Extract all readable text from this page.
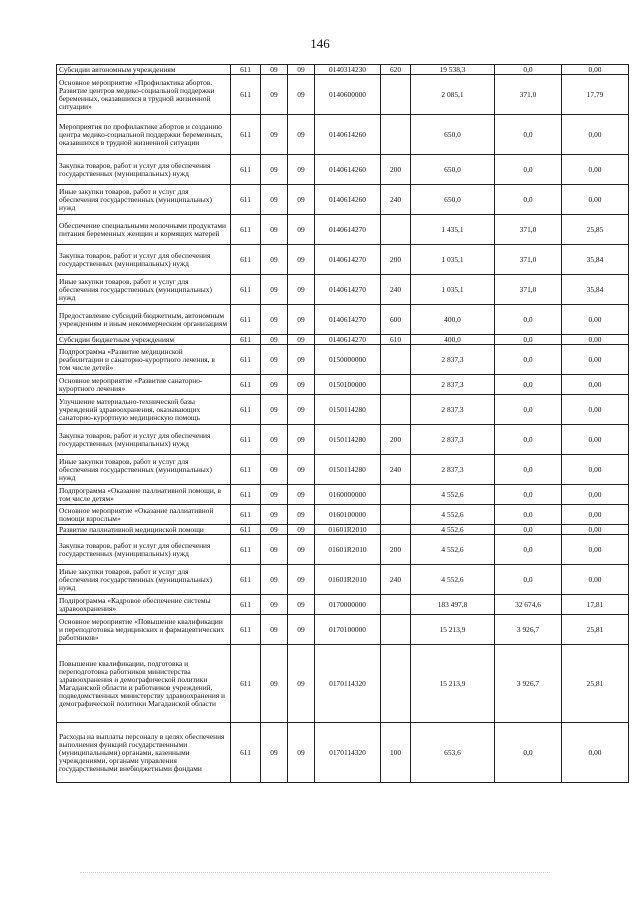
146
Субсидии автономным учреждениям	611	09	09	0140314230	620	19 538,3	0,0	0,00
Основное мероприятие «Профилактика абортов. Развитие центров медико-социальной поддержки беременных, оказавшихся в трудной жизненной ситуации»	611	09	09	0140600000		2 085,1	371,0	17,79
Мероприятия по профилактике абортов и созданию центра медико-социальной поддержки беременных, оказавшихся в трудной жизненной ситуации	611	09	09	0140614260		650,0	0,0	0,00
Закупка товаров, работ и услуг для обеспечения государственных (муниципальных) нужд	611	09	09	0140614260	200	650,0	0,0	0,00
Иные закупки товаров, работ и услуг для обеспечения государственных (муниципальных) нужд	611	09	09	0140614260	240	650,0	0,0	0,00
Обеспечение специальными молочными продуктами питания беременных женщин и кормящих матерей	611	09	09	0140614270		1 435,1	371,0	25,85
Закупка товаров, работ и услуг для обеспечения государственных (муниципальных) нужд	611	09	09	0140614270	200	1 035,1	371,0	35,84
Иные закупки товаров, работ и услуг для обеспечения государственных (муниципальных) нужд	611	09	09	0140614270	240	1 035,1	371,0	35,84
Предоставление субсидий бюджетным, автономным учреждениям и иным некоммерческим организациям	611	09	09	0140614270	600	400,0	0,0	0,00
Субсидии бюджетным учреждениям	611	09	09	0140614270	610	400,0	0,0	0,00
Подпрограмма «Развитие медицинской реабилитации и санаторно-курортного лечения, в том числе детей»	611	09	09	0150000000		2 837,3	0,0	0,00
Основное мероприятие «Развитие санаторно-курортного лечения»	611	09	09	0150100000		2 837,3	0,0	0,00
Улучшение материально-технической базы учреждений здравоохранения, оказывающих санаторно-курортную медицинскую помощь	611	09	09	0150114280		2 837,3	0,0	0,00
Закупка товаров, работ и услуг для обеспечения государственных (муниципальных) нужд	611	09	09	0150114280	200	2 837,3	0,0	0,00
Иные закупки товаров, работ и услуг для обеспечения государственных (муниципальных) нужд	611	09	09	0150114280	240	2 837,3	0,0	0,00
Подпрограмма «Оказание паллиативной помощи, в том числе детям»	611	09	09	0160000000		4 552,6	0,0	0,00
Основное мероприятие «Оказание паллиативной помощи взрослым»	611	09	09	0160100000		4 552,6	0,0	0,00
Развитие паллиативной медицинской помощи	611	09	09	01601R2010		4 552,6	0,0	0,00
Закупка товаров, работ и услуг для обеспечения государственных (муниципальных) нужд	611	09	09	01601R2010	200	4 552,6	0,0	0,00
Иные закупки товаров, работ и услуг для обеспечения государственных (муниципальных) нужд	611	09	09	01601R2010	240	4 552,6	0,0	0,00
Подпрограмма «Кадровое обеспечение системы здравоохранения»	611	09	09	0170000000		183 497,8	32 674,6	17,81
Основное мероприятие «Повышение квалификации и переподготовка медицинских и фармацевтических работников»	611	09	09	0170100000		15 213,9	3 926,7	25,81
Повышение квалификации, подготовка и переподготовка работников министерства здравоохранения и демографической политики Магаданской области и работников учреждений, подведомственных министерству здравоохранения и демографической политики Магаданской области	611	09	09	0170114320		15 213,9	3 926,7	25,81
Расходы на выплаты персоналу в целях обеспечения выполнения функций государственными (муниципальными) органами, казенными учреждениями, органами управления государственными внебюджетными фондами	611	09	09	0170114320	100	653,6	0,0	0,00
